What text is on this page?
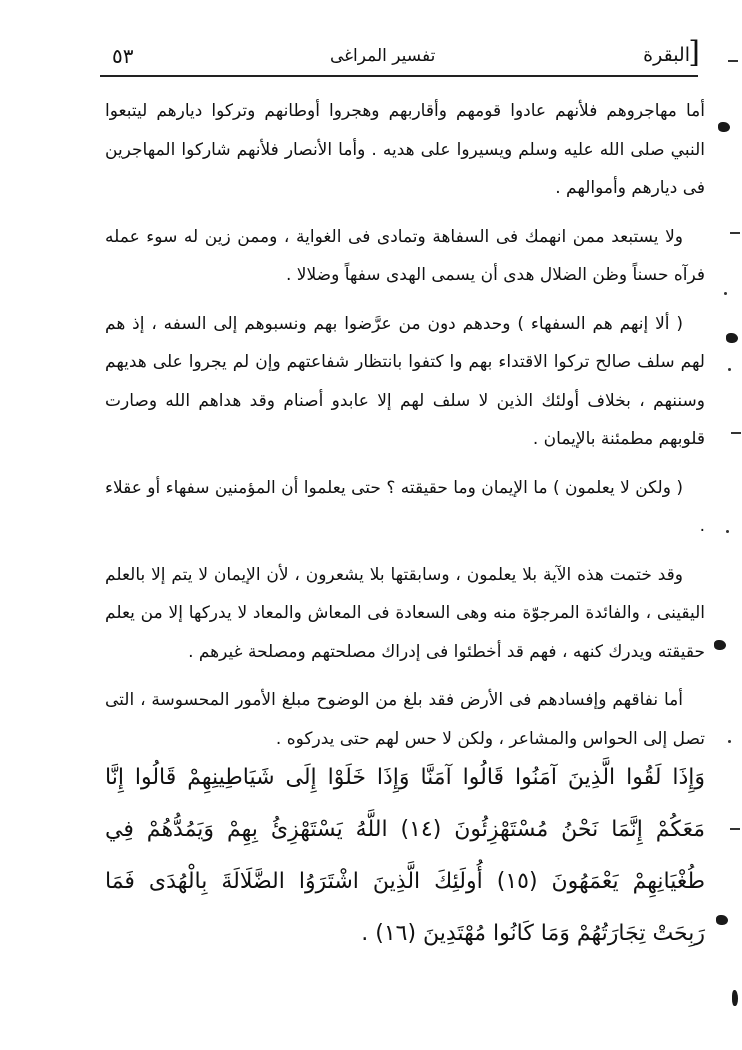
٥٣	تفسير المراغى	البقرة
]

أما مهاجروهم فلأنهم عادوا قومهم وأقاربهم وهجروا أوطانهم وتركوا ديارهم ليتبعوا النبي صلى الله عليه وسلم ويسيروا على هديه . وأما الأنصار فلأنهم شاركوا المهاجرين فى ديارهم وأموالهم .

ولا يستبعد ممن انهمك فى السفاهة وتمادى فى الغواية ، وممن زين له سوء عمله فرآه حسناً وظن الضلال هدى أن يسمى الهدى سفهاً وضلالا .

( ألا إنهم هم السفهاء ) وحدهم دون من عرَّضوا بهم ونسبوهم إلى السفه ، إذ هم لهم سلف صالح تركوا الاقتداء بهم وا كتفوا بانتظار شفاعتهم وإن لم يجروا على هديهم وسننهم ، بخلاف أولئك الذين لا سلف لهم إلا عابدو أصنام وقد هداهم الله وصارت قلوبهم مطمئنة بالإيمان .

( ولكن لا يعلمون ) ما الإيمان وما حقيقته ؟ حتى يعلموا أن المؤمنين سفهاء أو عقلاء .

وقد ختمت هذه الآية بلا يعلمون ، وسابقتها بلا يشعرون ، لأن الإيمان لا يتم إلا بالعلم اليقينى ، والفائدة المرجوّة منه وهى السعادة فى المعاش والمعاد لا يدركها إلا من يعلم حقيقته ويدرك كنهه ، فهم قد أخطئوا فى إدراك مصلحتهم ومصلحة غيرهم .

أما نفاقهم وإفسادهم فى الأرض فقد بلغ من الوضوح مبلغ الأمور المحسوسة ، التى تصل إلى الحواس والمشاعر ، ولكن لا حس لهم حتى يدركوه .

وَإِذَا لَقُوا الَّذِينَ آمَنُوا قَالُوا آمَنَّا وَإِذَا خَلَوْا إِلَى شَيَاطِينِهِمْ قَالُوا إِنَّا مَعَكُمْ إِنَّمَا نَحْنُ مُسْتَهْزِئُونَ (١٤) اللَّهُ يَسْتَهْزِئُ بِهِمْ وَيَمُدُّهُمْ فِي طُغْيَانِهِمْ يَعْمَهُونَ (١٥) أُولَئِكَ الَّذِينَ اشْتَرَوُا الضَّلَالَةَ بِالْهُدَى فَمَا رَبِحَتْ تِجَارَتُهُمْ وَمَا كَانُوا مُهْتَدِينَ (١٦) .
